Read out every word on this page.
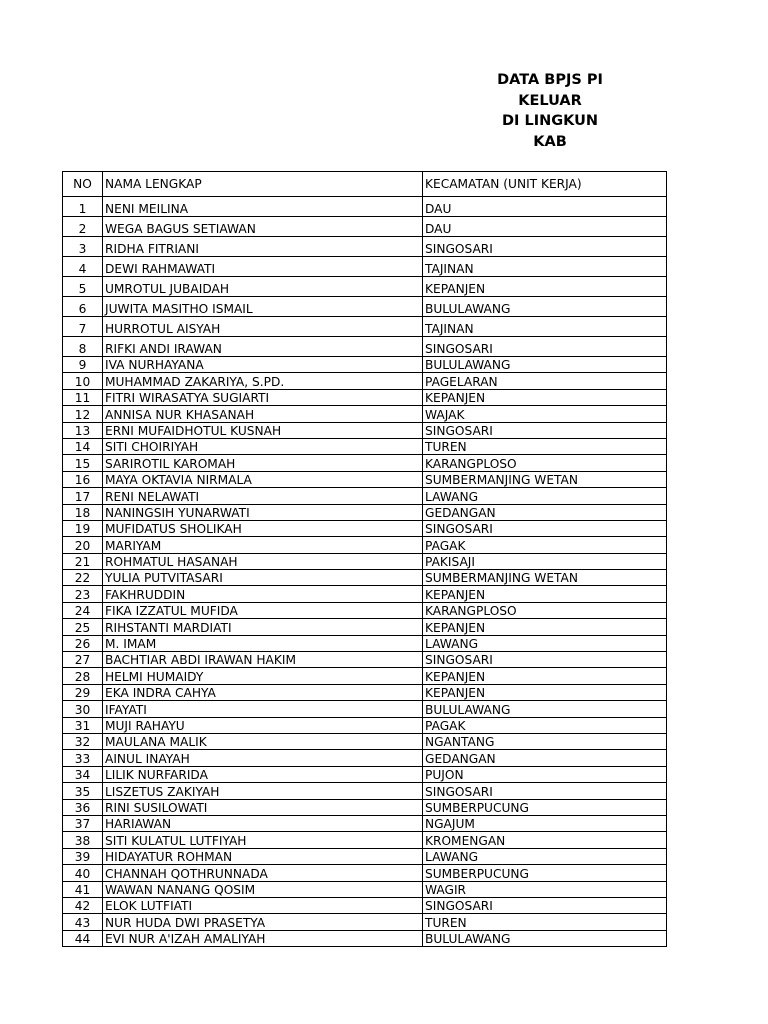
DATA BPJS PI
KELUAR
DI LINGKUN
KAB
NO	NAMA LENGKAP	KECAMATAN (UNIT KERJA)
1	NENI MEILINA	DAU
2	WEGA BAGUS SETIAWAN	DAU
3	RIDHA FITRIANI	SINGOSARI
4	DEWI RAHMAWATI	TAJINAN
5	UMROTUL JUBAIDAH	KEPANJEN
6	JUWITA MASITHO ISMAIL	BULULAWANG
7	HURROTUL AISYAH	TAJINAN
8	RIFKI ANDI IRAWAN	SINGOSARI
9	IVA NURHAYANA	BULULAWANG
10	MUHAMMAD ZAKARIYA, S.PD.	PAGELARAN
11	FITRI WIRASATYA SUGIARTI	KEPANJEN
12	ANNISA NUR KHASANAH	WAJAK
13	ERNI MUFAIDHOTUL KUSNAH	SINGOSARI
14	SITI CHOIRIYAH	TUREN
15	SARIROTIL KAROMAH	KARANGPLOSO
16	MAYA OKTAVIA NIRMALA	SUMBERMANJING WETAN
17	RENI NELAWATI	LAWANG
18	NANINGSIH YUNARWATI	GEDANGAN
19	MUFIDATUS SHOLIKAH	SINGOSARI
20	MARIYAM	PAGAK
21	ROHMATUL HASANAH	PAKISAJI
22	YULIA PUTVITASARI	SUMBERMANJING WETAN
23	FAKHRUDDIN	KEPANJEN
24	FIKA IZZATUL MUFIDA	KARANGPLOSO
25	RIHSTANTI MARDIATI	KEPANJEN
26	M. IMAM	LAWANG
27	BACHTIAR ABDI IRAWAN HAKIM	SINGOSARI
28	HELMI HUMAIDY	KEPANJEN
29	EKA INDRA CAHYA	KEPANJEN
30	IFAYATI	BULULAWANG
31	MUJI RAHAYU	PAGAK
32	MAULANA MALIK	NGANTANG
33	AINUL INAYAH	GEDANGAN
34	LILIK NURFARIDA	PUJON
35	LISZETUS ZAKIYAH	SINGOSARI
36	RINI SUSILOWATI	SUMBERPUCUNG
37	HARIAWAN	NGAJUM
38	SITI KULATUL LUTFIYAH	KROMENGAN
39	HIDAYATUR ROHMAN	LAWANG
40	CHANNAH QOTHRUNNADA	SUMBERPUCUNG
41	WAWAN NANANG QOSIM	WAGIR
42	ELOK LUTFIATI	SINGOSARI
43	NUR HUDA DWI PRASETYA	TUREN
44	EVI NUR A'IZAH AMALIYAH	BULULAWANG
